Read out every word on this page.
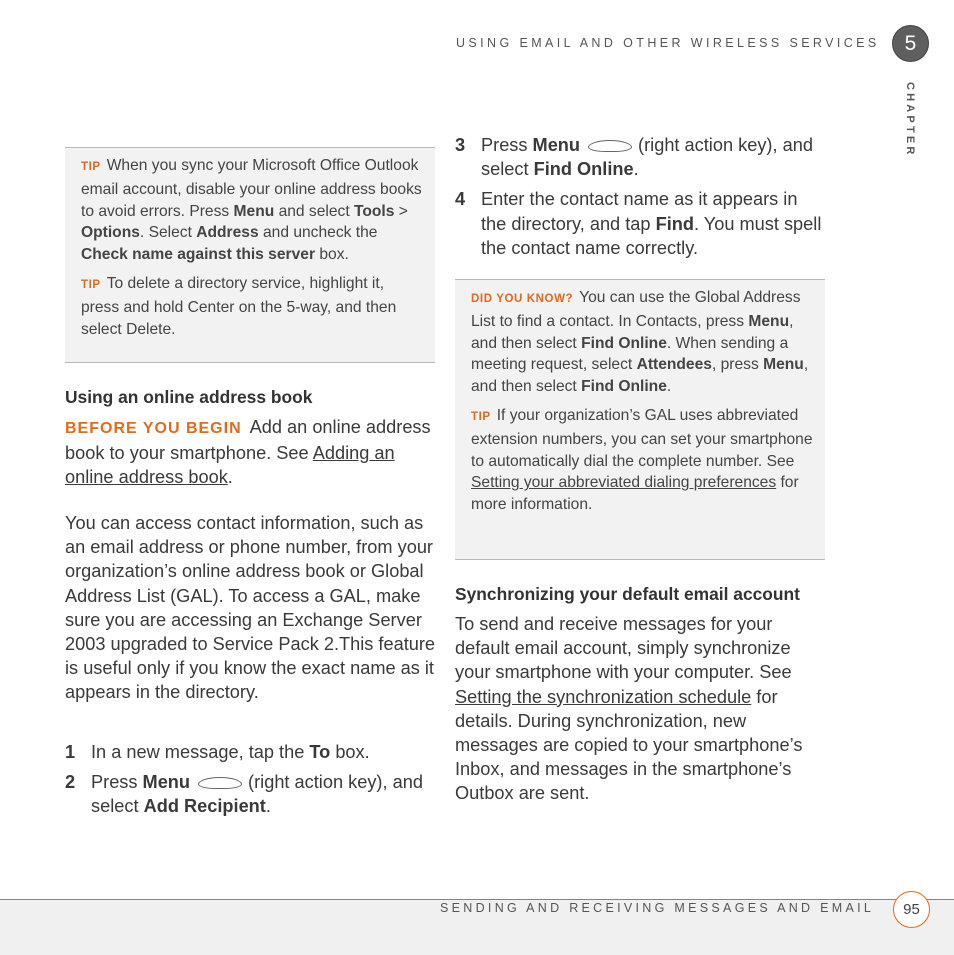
USING EMAIL AND OTHER WIRELESS SERVICES	5
CHAPTER

TIP When you sync your Microsoft Office Outlook email account, disable your online address books to avoid errors. Press Menu and select Tools > Options. Select Address and uncheck the Check name against this server box.

TIP To delete a directory service, highlight it, press and hold Center on the 5-way, and then select Delete.

Using an online address book

BEFORE YOU BEGIN Add an online address book to your smartphone. See Adding an online address book.

You can access contact information, such as an email address or phone number, from your organization’s online address book or Global Address List (GAL). To access a GAL, make sure you are accessing an Exchange Server 2003 upgraded to Service Pack 2.This feature is useful only if you know the exact name as it appears in the directory.

1 In a new message, tap the To box.
2 Press Menu	(right action key), and select Add Recipient.
3 Press Menu	(right action key), and select Find Online.
4 Enter the contact name as it appears in the directory, and tap Find. You must spell the contact name correctly.

DID YOU KNOW? You can use the Global Address List to find a contact. In Contacts, press Menu, and then select Find Online. When sending a meeting request, select Attendees, press Menu, and then select Find Online.

TIP If your organization’s GAL uses abbreviated extension numbers, you can set your smartphone to automatically dial the complete number. See Setting your abbreviated dialing preferences for more information.

Synchronizing your default email account

To send and receive messages for your default email account, simply synchronize your smartphone with your computer. See Setting the synchronization schedule for details. During synchronization, new messages are copied to your smartphone’s Inbox, and messages in the smartphone’s Outbox are sent.

SENDING AND RECEIVING MESSAGES AND EMAIL	95
